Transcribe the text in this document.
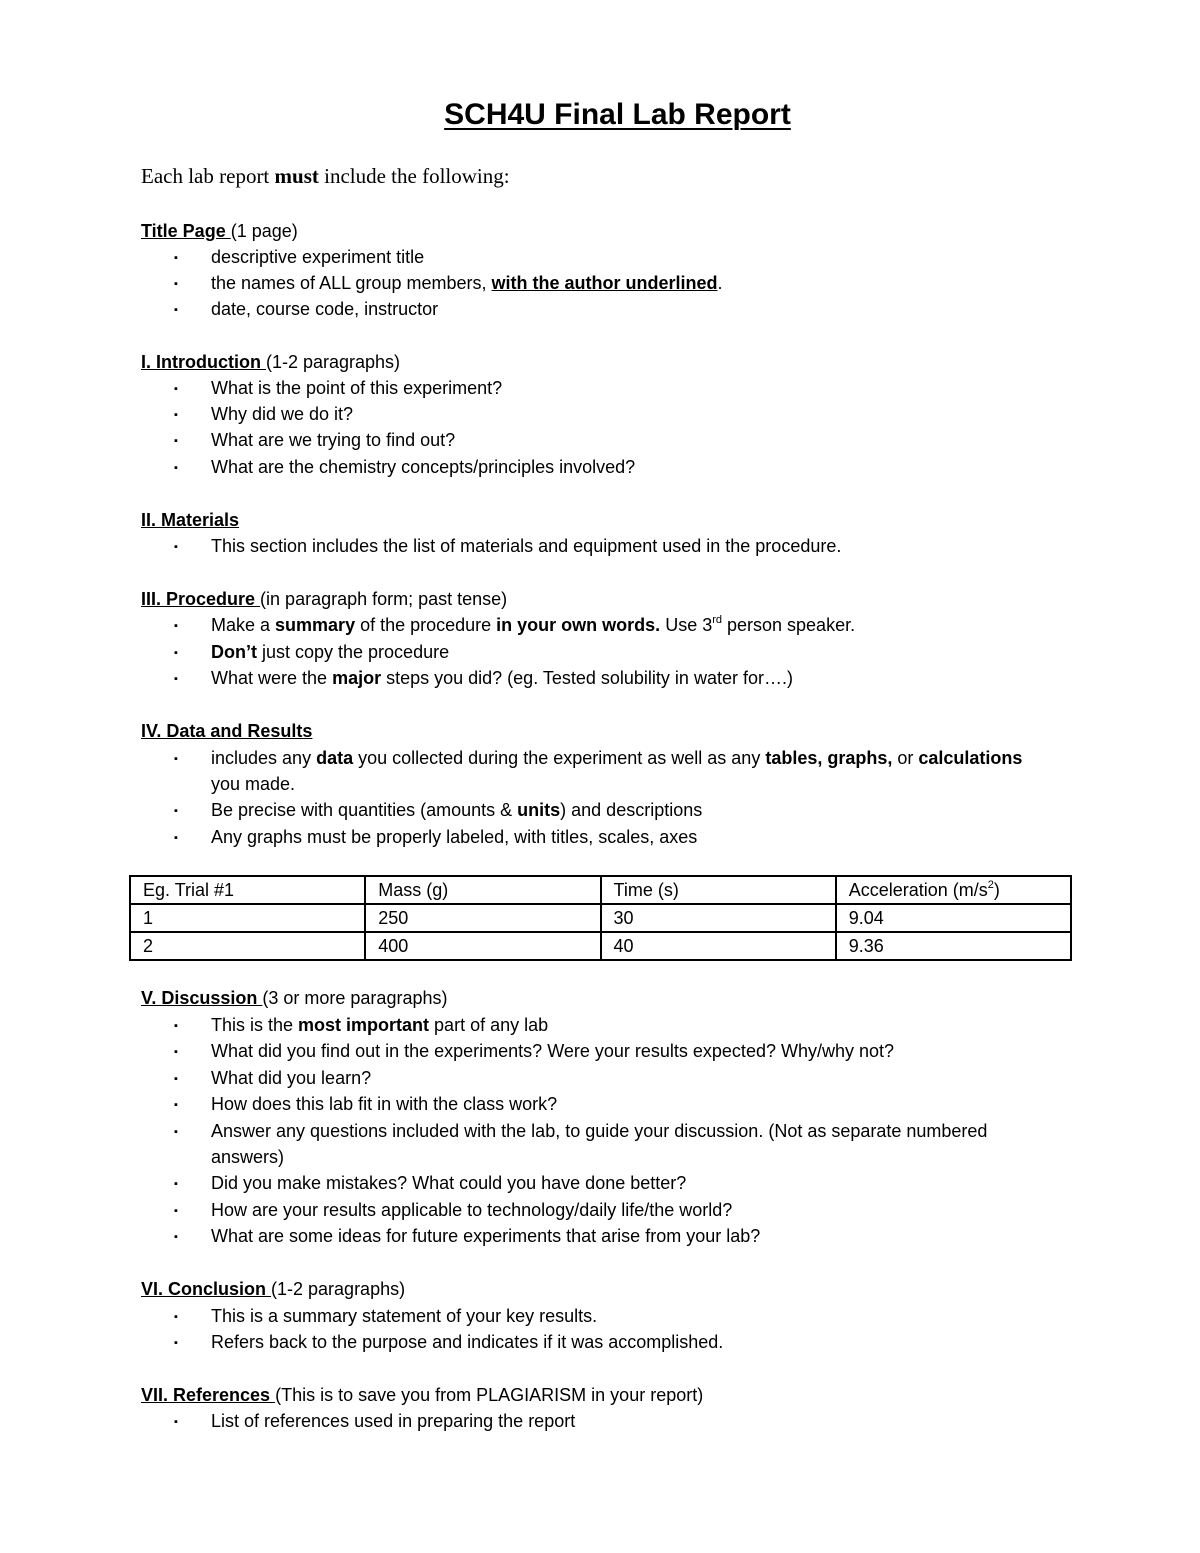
SCH4U Final Lab Report
Each lab report must include the following:
Title Page (1 page)
▪ descriptive experiment title
▪ the names of ALL group members, with the author underlined.
▪ date, course code, instructor
I. Introduction (1-2 paragraphs)
▪ What is the point of this experiment?
▪ Why did we do it?
▪ What are we trying to find out?
▪ What are the chemistry concepts/principles involved?
II. Materials
▪ This section includes the list of materials and equipment used in the procedure.
III. Procedure (in paragraph form; past tense)
▪ Make a summary of the procedure in your own words. Use 3rd person speaker.
▪ Don’t just copy the procedure
▪ What were the major steps you did? (eg. Tested solubility in water for….)
IV. Data and Results
▪ includes any data you collected during the experiment as well as any tables, graphs, or calculations
you made.
▪ Be precise with quantities (amounts & units) and descriptions
▪ Any graphs must be properly labeled, with titles, scales, axes
Eg. Trial #1	Mass (g)	Time (s)	Acceleration $(m/s^2)$
1	250	30	9.04
2	400	40	9.36
V. Discussion (3 or more paragraphs)
▪ This is the most important part of any lab
▪ What did you find out in the experiments? Were your results expected? Why/why not?
▪ What did you learn?
▪ How does this lab fit in with the class work?
▪ Answer any questions included with the lab, to guide your discussion. (Not as separate numbered
answers)
▪ Did you make mistakes? What could you have done better?
▪ How are your results applicable to technology/daily life/the world?
▪ What are some ideas for future experiments that arise from your lab?
VI. Conclusion (1-2 paragraphs)
▪ This is a summary statement of your key results.
▪ Refers back to the purpose and indicates if it was accomplished.
VII. References (This is to save you from PLAGIARISM in your report)
▪ List of references used in preparing the report
